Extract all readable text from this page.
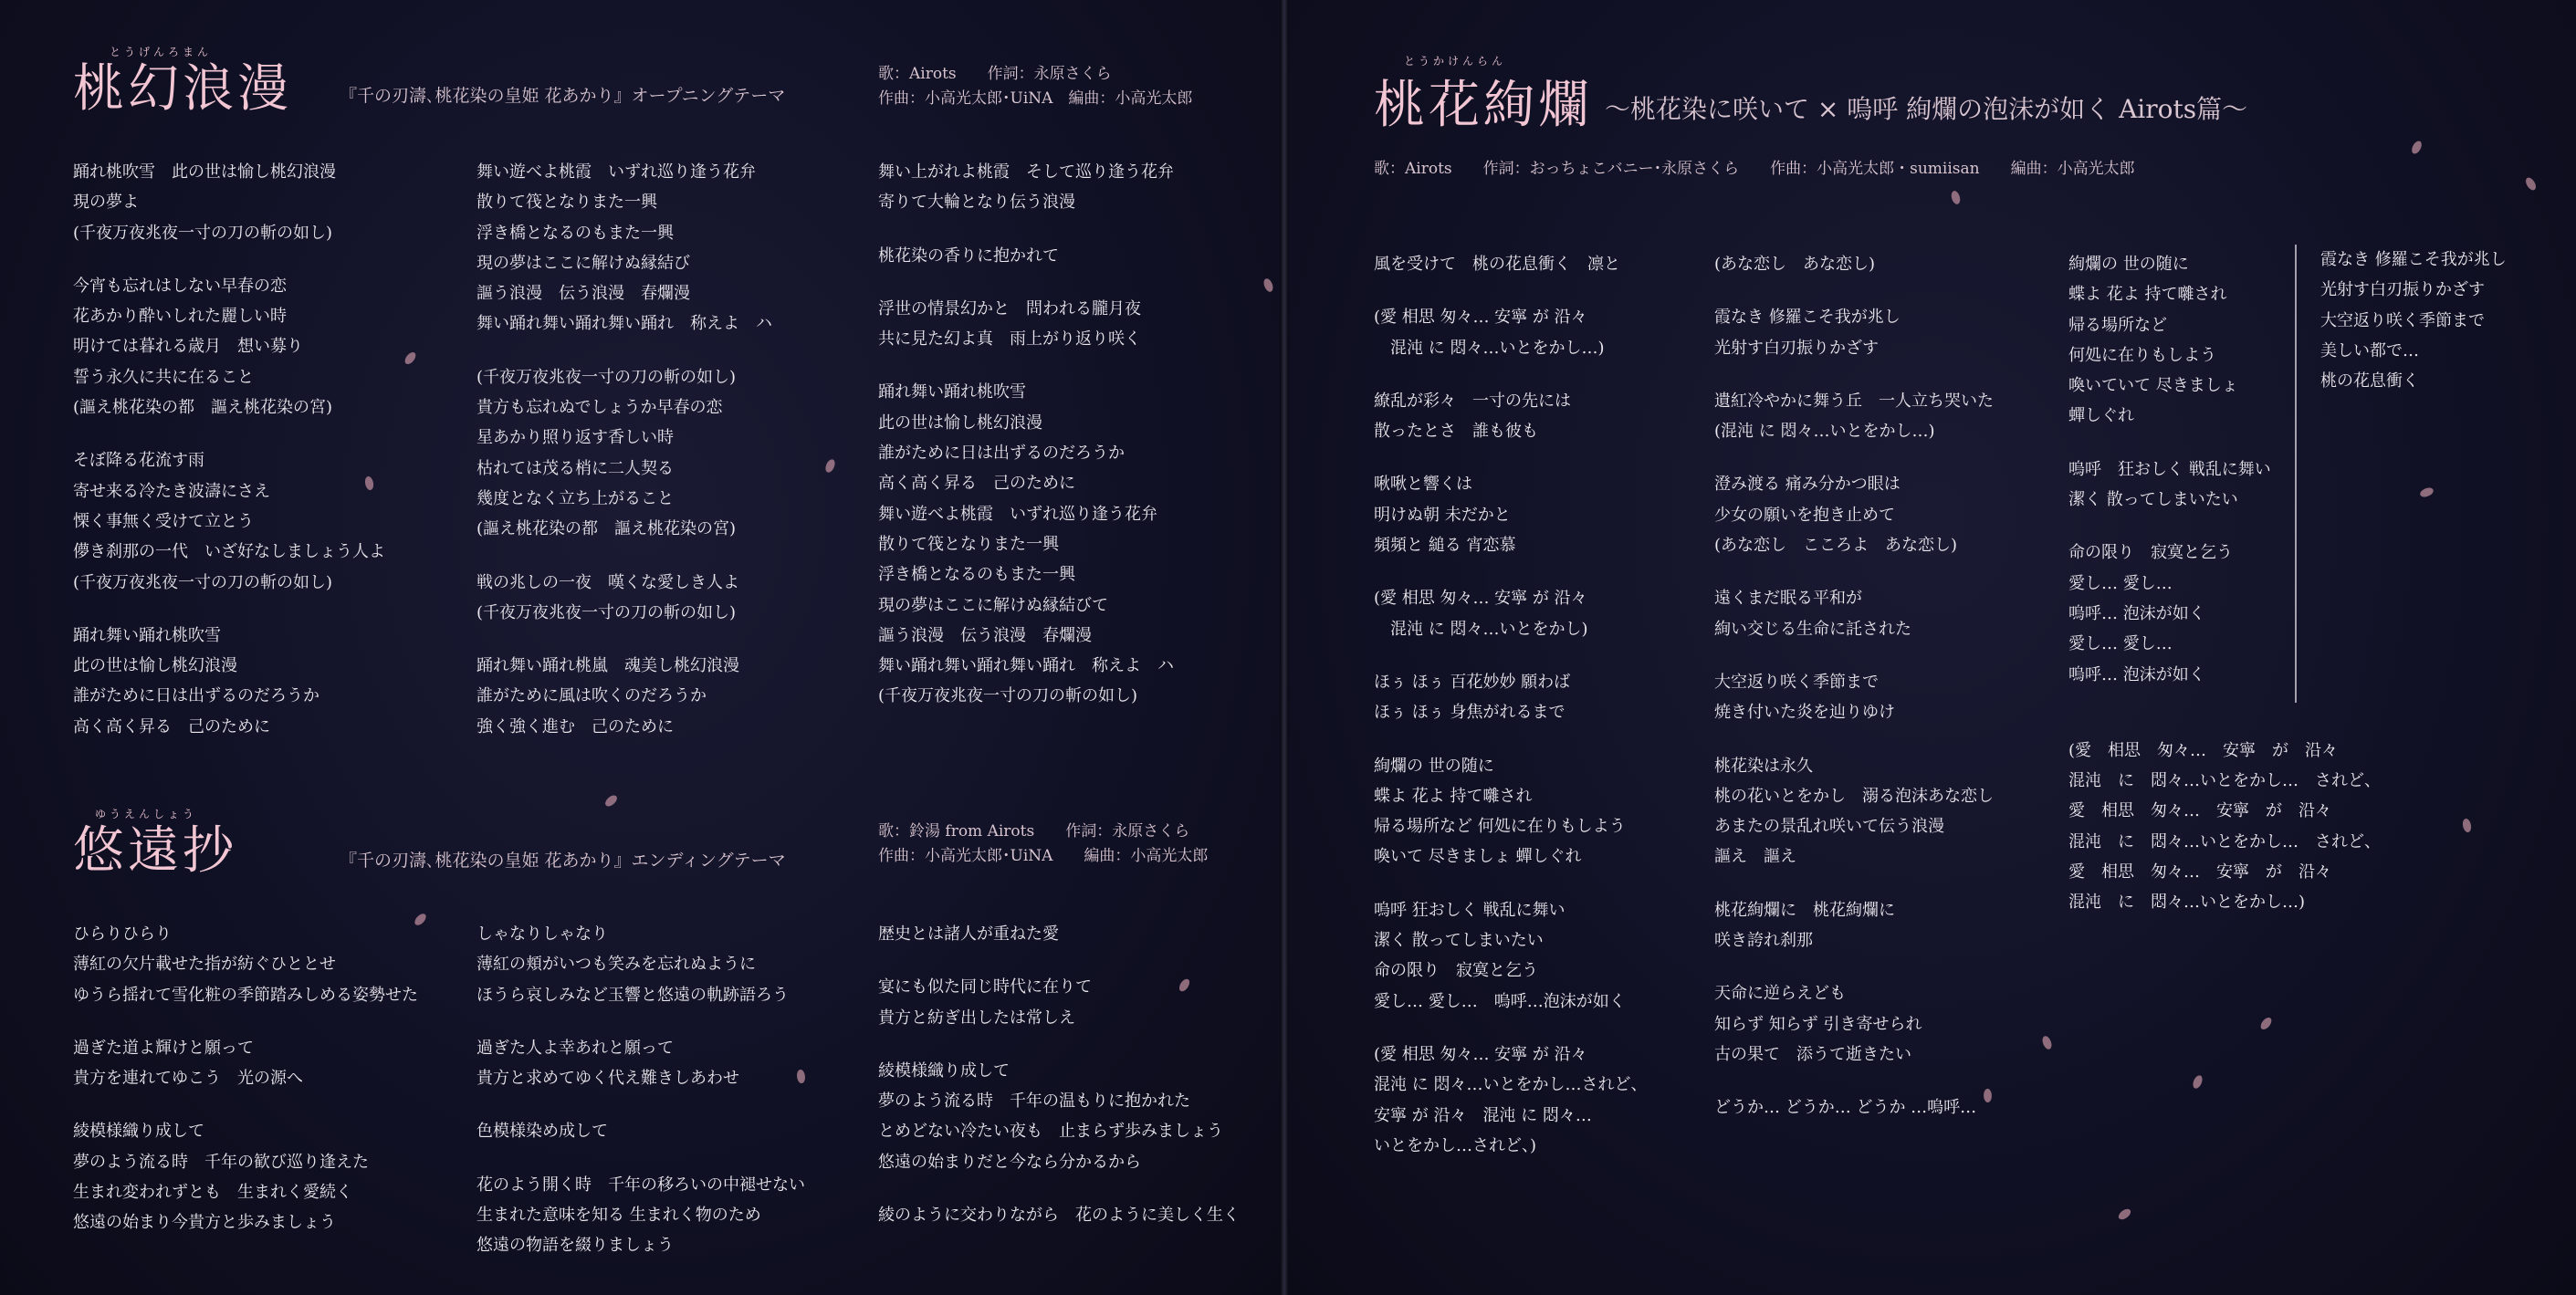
とうげんろまん
桃幻浪漫	『千の刃濤､桃花染の皇姫 花あかり』オープニングテーマ
歌：Airots　　作詞：永原さくら
作曲：小高光太郎･UiNA　編曲：小高光太郎
踊れ桃吹雪　此の世は愉し桃幻浪漫
現の夢よ
(千夜万夜兆夜一寸の刀の斬の如し)
今宵も忘れはしない早春の恋
花あかり酔いしれた麗しい時
明けては暮れる歳月　想い募り
誓う永久に共に在ること
(謳え桃花染の都　謳え桃花染の宮)
そぼ降る花流す雨
寄せ来る冷たき波濤にさえ
慄く事無く受けて立とう
儚き刹那の一代　いざ好なしましょう人よ
(千夜万夜兆夜一寸の刀の斬の如し)
踊れ舞い踊れ桃吹雪
此の世は愉し桃幻浪漫
誰がために日は出ずるのだろうか
高く高く昇る　己のために
舞い遊べよ桃霞　いずれ巡り逢う花弁
散りて筏となりまた一興
浮き橋となるのもまた一興
現の夢はここに解けぬ縁結び
謳う浪漫　伝う浪漫　春爛漫
舞い踊れ舞い踊れ舞い踊れ　称えよ　ハ
(千夜万夜兆夜一寸の刀の斬の如し)
貴方も忘れぬでしょうか早春の恋
星あかり照り返す香しい時
枯れては茂る梢に二人契る
幾度となく立ち上がること
(謳え桃花染の都　謳え桃花染の宮)
戦の兆しの一夜　嘆くな愛しき人よ
(千夜万夜兆夜一寸の刀の斬の如し)
踊れ舞い踊れ桃嵐　魂美し桃幻浪漫
誰がために風は吹くのだろうか
強く強く進む　己のために
舞い上がれよ桃霞　そして巡り逢う花弁
寄りて大輪となり伝う浪漫
桃花染の香りに抱かれて
浮世の情景幻かと　問われる朧月夜
共に見た幻よ真　雨上がり返り咲く
踊れ舞い踊れ桃吹雪
此の世は愉し桃幻浪漫
誰がために日は出ずるのだろうか
高く高く昇る　己のために
舞い遊べよ桃霞　いずれ巡り逢う花弁
散りて筏となりまた一興
浮き橋となるのもまた一興
現の夢はここに解けぬ縁結びて
謳う浪漫　伝う浪漫　春爛漫
舞い踊れ舞い踊れ舞い踊れ　称えよ　ハ
(千夜万夜兆夜一寸の刀の斬の如し)
ゆうえんしょう
悠遠抄	『千の刃濤､桃花染の皇姫 花あかり』エンディングテーマ
歌：鈴湯 from Airots　　作詞：永原さくら
作曲：小高光太郎･UiNA　　編曲：小高光太郎
ひらりひらり
薄紅の欠片載せた指が紡ぐひととせ
ゆうら揺れて雪化粧の季節踏みしめる姿勢せた
過ぎた道よ輝けと願って
貴方を連れてゆこう　光の源へ
綾模様織り成して
夢のよう流る時　千年の歓び巡り逢えた
生まれ変われずとも　生まれく愛続く
悠遠の始まり今貴方と歩みましょう
しゃなりしゃなり
薄紅の頬がいつも笑みを忘れぬように
ほうら哀しみなど玉響と悠遠の軌跡語ろう
過ぎた人よ幸あれと願って
貴方と求めてゆく代え難きしあわせ
色模様染め成して
花のよう開く時　千年の移ろいの中褪せない
生まれた意味を知る 生まれく物のため
悠遠の物語を綴りましょう
歴史とは諸人が重ねた愛
宴にも似た同じ時代に在りて
貴方と紡ぎ出したは常しえ
綾模様織り成して
夢のよう流る時　千年の温もりに抱かれた
とめどない冷たい夜も　止まらず歩みましょう
悠遠の始まりだと今なら分かるから
綾のように交わりながら　花のように美しく生く
とうかけんらん
桃花絢爛 ～桃花染に咲いて × 嗚呼 絢爛の泡沫が如く Airots篇～
歌：Airots　　作詞：おっちょこバニー･永原さくら　　作曲：小高光太郎・sumiisan　　編曲：小高光太郎
風を受けて　桃の花息衝く　凛と
(愛 相思 匆々… 安寧 が 沿々
　混沌 に 悶々…いとをかし…)
繚乱が彩々　一寸の先には
散ったとさ　誰も彼も
啾啾と響くは
明けぬ朝 未だかと
頻頻と 縋る 宵恋慕
(愛 相思 匆々… 安寧 が 沿々
　混沌 に 悶々…いとをかし)
ほぅ ほぅ 百花妙妙 願わば
ほぅ ほぅ 身焦がれるまで
絢爛の 世の随に
蝶よ 花よ 持て囃され
帰る場所など 何処に在りもしよう
喚いて 尽きましょ 蟬しぐれ
嗚呼 狂おしく 戦乱に舞い
潔く 散ってしまいたい
命の限り　寂寞と乞う
愛し… 愛し…　嗚呼…泡沫が如く
(愛 相思 匆々… 安寧 が 沿々
混沌 に 悶々…いとをかし…されど、
安寧 が 沿々　混沌 に 悶々…
いとをかし…されど、)
(あな恋し　あな恋し)
霞なき 修羅こそ我が兆し
光射す白刃振りかざす
遺紅冷やかに舞う丘　一人立ち哭いた
(混沌 に 悶々…いとをかし…)
澄み渡る 痛み分かつ眼は
少女の願いを抱き止めて
(あな恋し　こころよ　あな恋し)
遠くまだ眠る平和が
絢い交じる生命に託された
大空返り咲く季節まで
焼き付いた炎を辿りゆけ
桃花染は永久
桃の花いとをかし　溺る泡沫あな恋し
あまたの景乱れ咲いて伝う浪漫
謳え　謳え
桃花絢爛に　桃花絢爛に
咲き誇れ刹那
天命に逆らえども
知らず 知らず 引き寄せられ
古の果て　添うて逝きたい
どうか… どうか… どうか …嗚呼…
絢爛の 世の随に
蝶よ 花よ 持て囃され
帰る場所など
何処に在りもしよう
喚いていて 尽きましょ
蟬しぐれ
嗚呼　狂おしく 戦乱に舞い
潔く 散ってしまいたい
命の限り　寂寞と乞う
愛し… 愛し…
嗚呼… 泡沫が如く
愛し… 愛し…
嗚呼… 泡沫が如く
(愛　相思　匆々…　安寧　が　沿々
混沌　に　悶々…いとをかし…　されど、
愛　相思　匆々…　安寧　が　沿々
混沌　に　悶々…いとをかし…　されど、
愛　相思　匆々…　安寧　が　沿々
混沌　に　悶々…いとをかし…)
霞なき 修羅こそ我が兆し
光射す白刃振りかざす
大空返り咲く季節まで
美しい都で…
桃の花息衝く
